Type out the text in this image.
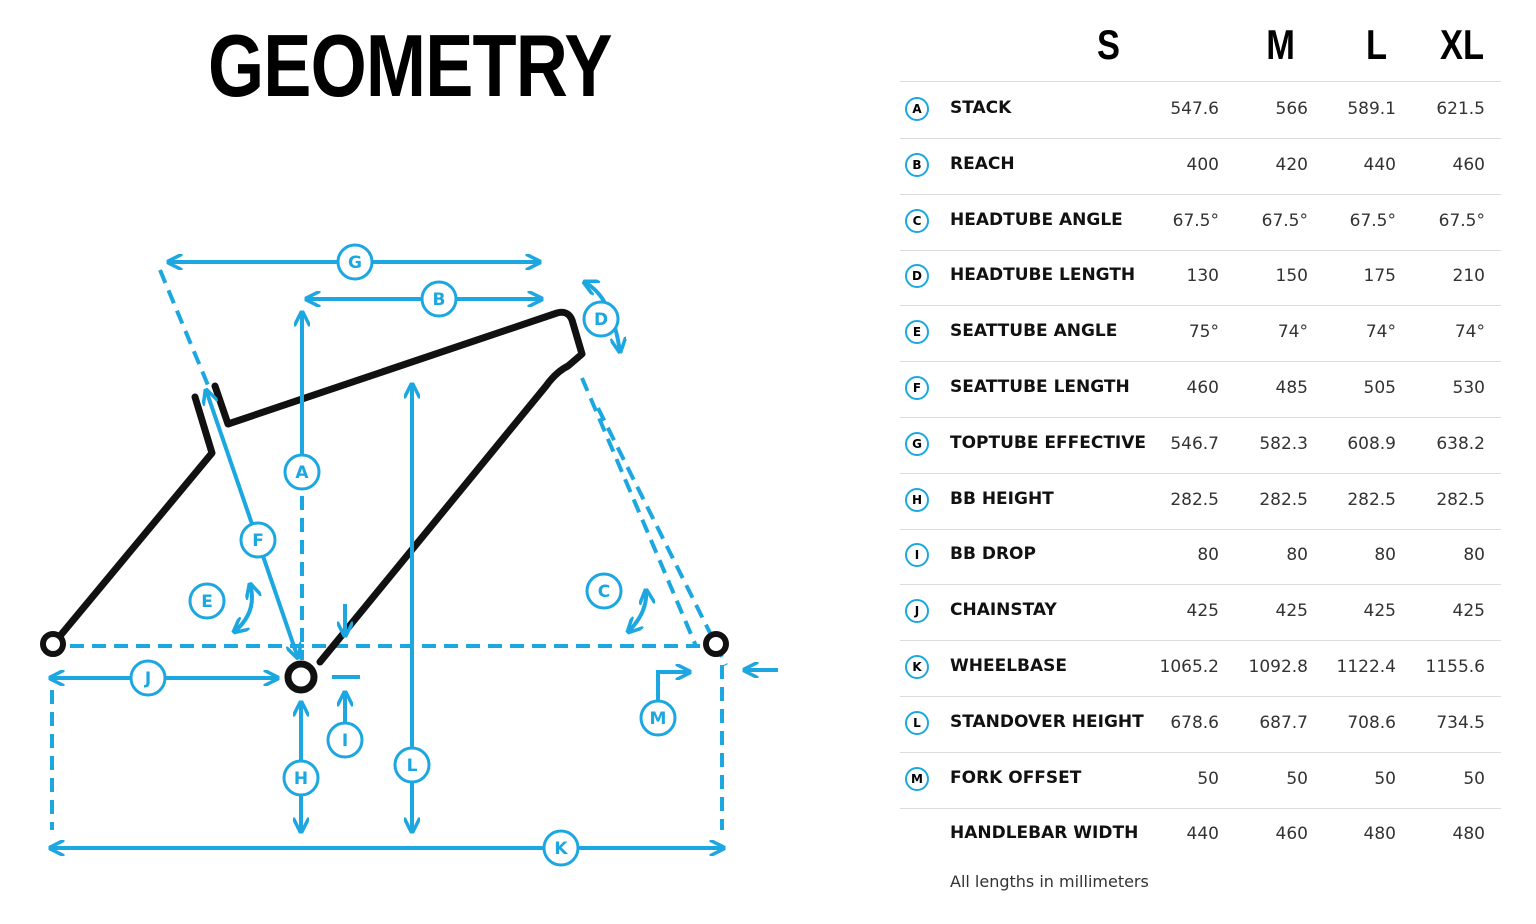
GEOMETRY
G
B
D
A
F
E	C
J
M
I
L
H
K
S	M L XL
A	STACK	547.6	566	589.1	621.5
B	REACH	400	420	440	460
C	HEADTUBE ANGLE	67.5°	67.5°	67.5°	67.5°
D	HEADTUBE LENGTH	130	150	175	210
E	SEATTUBE ANGLE	75°	74°	74°	74°
F	SEATTUBE LENGTH	460	485	505	530
G	TOPTUBE EFFECTIVE	546.7	582.3	608.9	638.2
H	BB HEIGHT	282.5	282.5	282.5	282.5
I	BB DROP	80	80	80	80
J	CHAINSTAY	425	425	425	425
K	WHEELBASE	1065.2	1092.8	1122.4	1155.6
L	STANDOVER HEIGHT	678.6	687.7	708.6	734.5
M	FORK OFFSET	50	50	50	50
HANDLEBAR WIDTH	440	460	480	480
All lengths in millimeters
